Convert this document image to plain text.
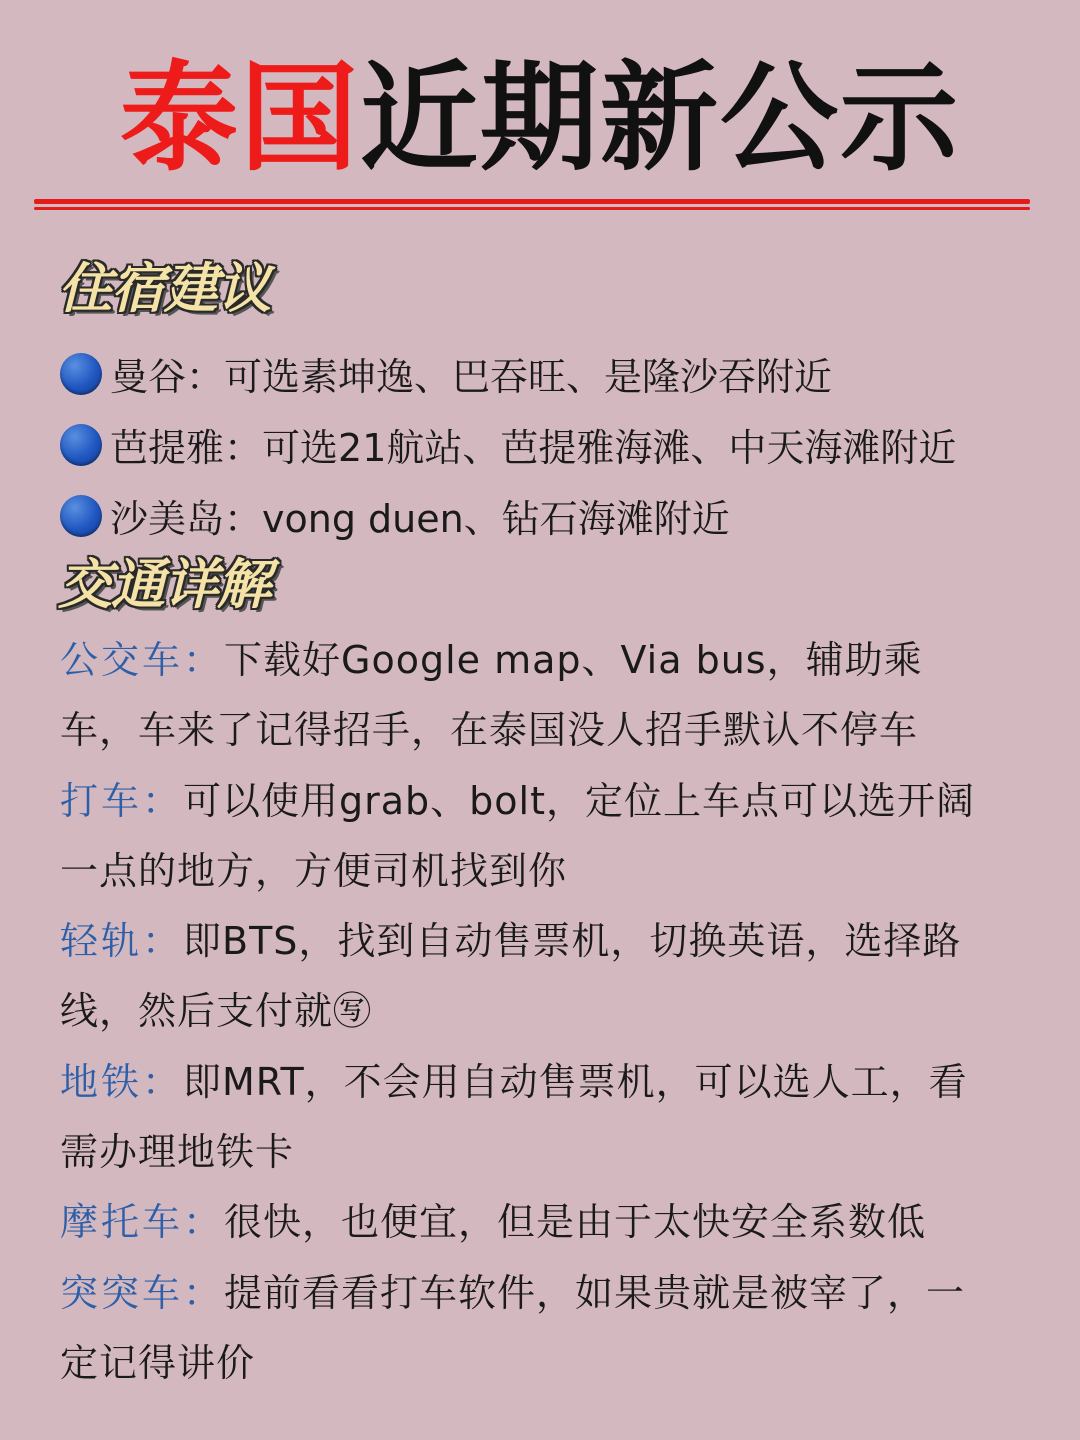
泰国近期新公示
住宿建议
曼谷： 可选素坤逸、巴吞旺、是隆沙吞附近
芭提雅： 可选21航站、芭提雅海滩、中天海滩附近
沙美岛： vong duen、钻石海滩附近
交通详解

公交车：下载好Google map、Via bus，辅助乘车，车来了记得招手，在泰国没人招手默认不停车

打车：可以使用grab、bolt，定位上车点可以选开阔一点的地方，方便司机找到你

轻轨：即BTS，找到自动售票机，切换英语，选择路线，然后支付就㊢

地铁：即MRT，不会用自动售票机，可以选人工，看需办理地铁卡

摩托车：很快，也便宜，但是由于太快安全系数低

突突车：提前看看打车软件，如果贵就是被宰了，一定记得讲价
